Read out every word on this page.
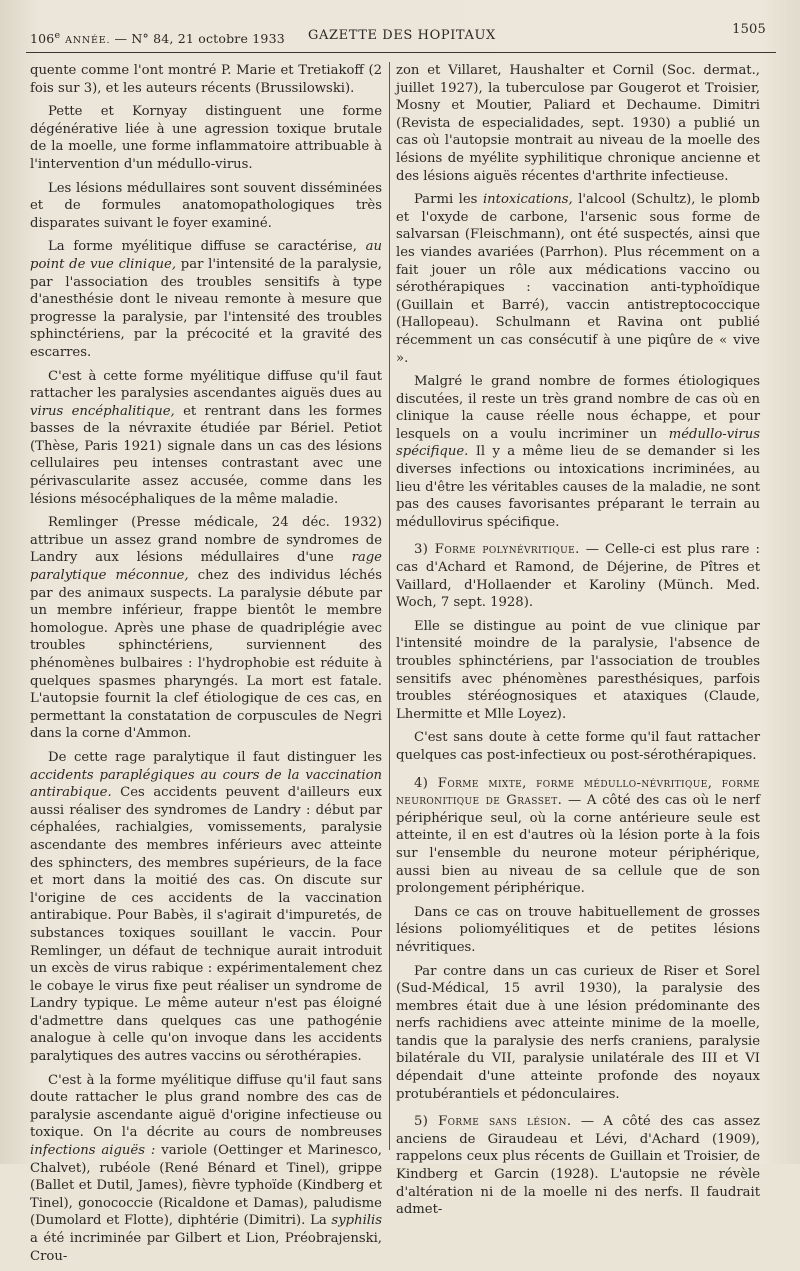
106e ANNÉE. — N° 84, 21 octobre 1933 GAZETTE DES HOPITAUX	1505

quente comme l'ont montré P. Marie et Tretiakoff (2 fois sur 3), et les auteurs récents (Brussilowski).

Pette et Kornyay distinguent une forme dégénérative liée à une agression toxique brutale de la moelle, une forme inflammatoire attribuable à l'intervention d'un médullo-virus.

Les lésions médullaires sont souvent disséminées et de formules anatomopathologiques très disparates suivant le foyer examiné.

La forme myélitique diffuse se caractérise, au point de vue clinique, par l'intensité de la paralysie, par l'association des troubles sensitifs à type d'anesthésie dont le niveau remonte à mesure que progresse la paralysie, par l'intensité des troubles sphinctériens, par la précocité et la gravité des escarres.

C'est à cette forme myélitique diffuse qu'il faut rattacher les paralysies ascendantes aiguës dues au virus encéphalitique, et rentrant dans les formes basses de la névraxite étudiée par Bériel. Petiot (Thèse, Paris 1921) signale dans un cas des lésions cellulaires peu intenses contrastant avec une périvascularite assez accusée, comme dans les lésions mésocéphaliques de la même maladie.

Remlinger (Presse médicale, 24 déc. 1932) attribue un assez grand nombre de syndromes de Landry aux lésions médullaires d'une rage paralytique méconnue, chez des individus léchés par des animaux suspects. La paralysie débute par un membre inférieur, frappe bientôt le membre homologue. Après une phase de quadriplégie avec troubles sphinctériens, surviennent des phénomènes bulbaires : l'hydrophobie est réduite à quelques spasmes pharyngés. La mort est fatale. L'autopsie fournit la clef étiologique de ces cas, en permettant la constatation de corpuscules de Negri dans la corne d'Ammon.

De cette rage paralytique il faut distinguer les accidents paraplégiques au cours de la vaccination antirabique. Ces accidents peuvent d'ailleurs eux aussi réaliser des syndromes de Landry : début par céphalées, rachialgies, vomissements, paralysie ascendante des membres inférieurs avec atteinte des sphincters, des membres supérieurs, de la face et mort dans la moitié des cas. On discute sur l'origine de ces accidents de la vaccination antirabique. Pour Babès, il s'agirait d'impuretés, de substances toxiques souillant le vaccin. Pour Remlinger, un défaut de technique aurait introduit un excès de virus rabique : expérimentalement chez le cobaye le virus fixe peut réaliser un syndrome de Landry typique. Le même auteur n'est pas éloigné d'admettre dans quelques cas une pathogénie analogue à celle qu'on invoque dans les accidents paralytiques des autres vaccins ou sérothérapies.

C'est à la forme myélitique diffuse qu'il faut sans doute rattacher le plus grand nombre des cas de paralysie ascendante aiguë d'origine infectieuse ou toxique. On l'a décrite au cours de nombreuses infections aiguës : variole (Oettinger et Marinesco, Chalvet), rubéole (René Bénard et Tinel), grippe (Ballet et Dutil, James), fièvre typhoïde (Kindberg et Tinel), gonococcie (Ricaldone et Damas), paludisme (Dumolard et Flotte), diphtérie (Dimitri). La syphilis a été incriminée par Gilbert et Lion, Préobrajenski, Crou-

zon et Villaret, Haushalter et Cornil (Soc. dermat., juillet 1927), la tuberculose par Gougerot et Troisier, Mosny et Moutier, Paliard et Dechaume. Dimitri (Revista de especialidades, sept. 1930) a publié un cas où l'autopsie montrait au niveau de la moelle des lésions de myélite syphilitique chronique ancienne et des lésions aiguës récentes d'arthrite infectieuse.

Parmi les intoxications, l'alcool (Schultz), le plomb et l'oxyde de carbone, l'arsenic sous forme de salvarsan (Fleischmann), ont été suspectés, ainsi que les viandes avariées (Parrhon). Plus récemment on a fait jouer un rôle aux médications vaccino ou sérothérapiques : vaccination anti-typhoïdique (Guillain et Barré), vaccin antistreptococcique (Hallopeau). Schulmann et Ravina ont publié récemment un cas consécutif à une piqûre de « vive ».

Malgré le grand nombre de formes étiologiques discutées, il reste un très grand nombre de cas où en clinique la cause réelle nous échappe, et pour lesquels on a voulu incriminer un médullo-virus spécifique. Il y a même lieu de se demander si les diverses infections ou intoxications incriminées, au lieu d'être les véritables causes de la maladie, ne sont pas des causes favorisantes préparant le terrain au médullovirus spécifique.

3) Forme polynévritique. — Celle-ci est plus rare : cas d'Achard et Ramond, de Déjerine, de Pîtres et Vaillard, d'Hollaender et Karoliny (Münch. Med. Woch, 7 sept. 1928).

Elle se distingue au point de vue clinique par l'intensité moindre de la paralysie, l'absence de troubles sphinctériens, par l'association de troubles sensitifs avec phénomènes paresthésiques, parfois troubles stéréognosiques et ataxiques (Claude, Lhermitte et Mlle Loyez).

C'est sans doute à cette forme qu'il faut rattacher quelques cas post-infectieux ou post-sérothérapiques.

4) Forme mixte, forme médullo-névritique, forme neuronitique de Grasset. — A côté des cas où le nerf périphérique seul, où la corne antérieure seule est atteinte, il en est d'autres où la lésion porte à la fois sur l'ensemble du neurone moteur périphérique, aussi bien au niveau de sa cellule que de son prolongement périphérique.

Dans ce cas on trouve habituellement de grosses lésions poliomyélitiques et de petites lésions névritiques.

Par contre dans un cas curieux de Riser et Sorel (Sud-Médical, 15 avril 1930), la paralysie des membres était due à une lésion prédominante des nerfs rachidiens avec atteinte minime de la moelle, tandis que la paralysie des nerfs craniens, paralysie bilatérale du VII, paralysie unilatérale des III et VI dépendait d'une atteinte profonde des noyaux protubérantiels et pédonculaires.

5) Forme sans lésion. — A côté des cas assez anciens de Giraudeau et Lévi, d'Achard (1909), rappelons ceux plus récents de Guillain et Troisier, de Kindberg et Garcin (1928). L'autopsie ne révèle d'altération ni de la moelle ni des nerfs. Il faudrait admet-
